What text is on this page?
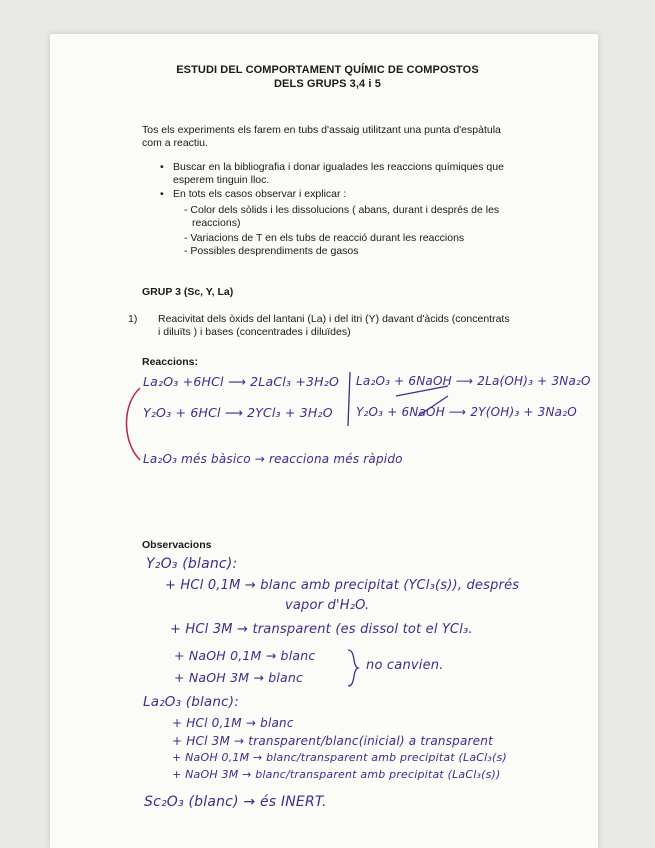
ESTUDI DEL COMPORTAMENT QUÍMIC DE COMPOSTOS
DELS GRUPS 3,4 i 5
Tos els experiments els farem en tubs d'assaig utilitzant una punta d'espàtula
com a reactiu.
• Buscar en la bibliografia i donar igualades les reaccions químiques que
esperem tinguin lloc.
• En tots els casos observar i explicar :
- Color dels sòlids i les dissolucions ( abans, durant i després de les
reaccions)
- Variacions de T en els tubs de reacció durant les reaccions
- Possibles desprendiments de gasos
GRUP 3 (Sc, Y, La)
1) Reacivitat dels òxids del lantani (La) i del itri (Y) davant d'àcids (concentrats
i diluïts ) i bases (concentrades i diluïdes)
Reaccions:
La₂O₃ +6HCl ⟶ 2LaCl₃ +3H₂O
Y₂O₃ + 6HCl ⟶ 2YCl₃ + 3H₂O
La₂O₃ + 6NaOH ⟶ 2La(OH)₃ + 3Na₂O
Y₂O₃ + 6NaOH ⟶ 2Y(OH)₃ + 3Na₂O
La₂O₃ més bàsico → reacciona més ràpido
Observacions
Y₂O₃ (blanc):
+ HCl 0,1M → blanc amb precipitat (YCl₃(s)), després
vapor d'H₂O.
+ HCl 3M → transparent (es dissol tot el YCl₃.
+ NaOH 0,1M → blanc
+ NaOH 3M → blanc
no canvien.
La₂O₃ (blanc):
+ HCl 0,1M → blanc
+ HCl 3M → transparent/blanc(inicial) a transparent
+ NaOH 0,1M → blanc/transparent amb precipitat (LaCl₃(s)
+ NaOH 3M → blanc/transparent amb precipitat (LaCl₃(s))
Sc₂O₃ (blanc) → és INERT.
